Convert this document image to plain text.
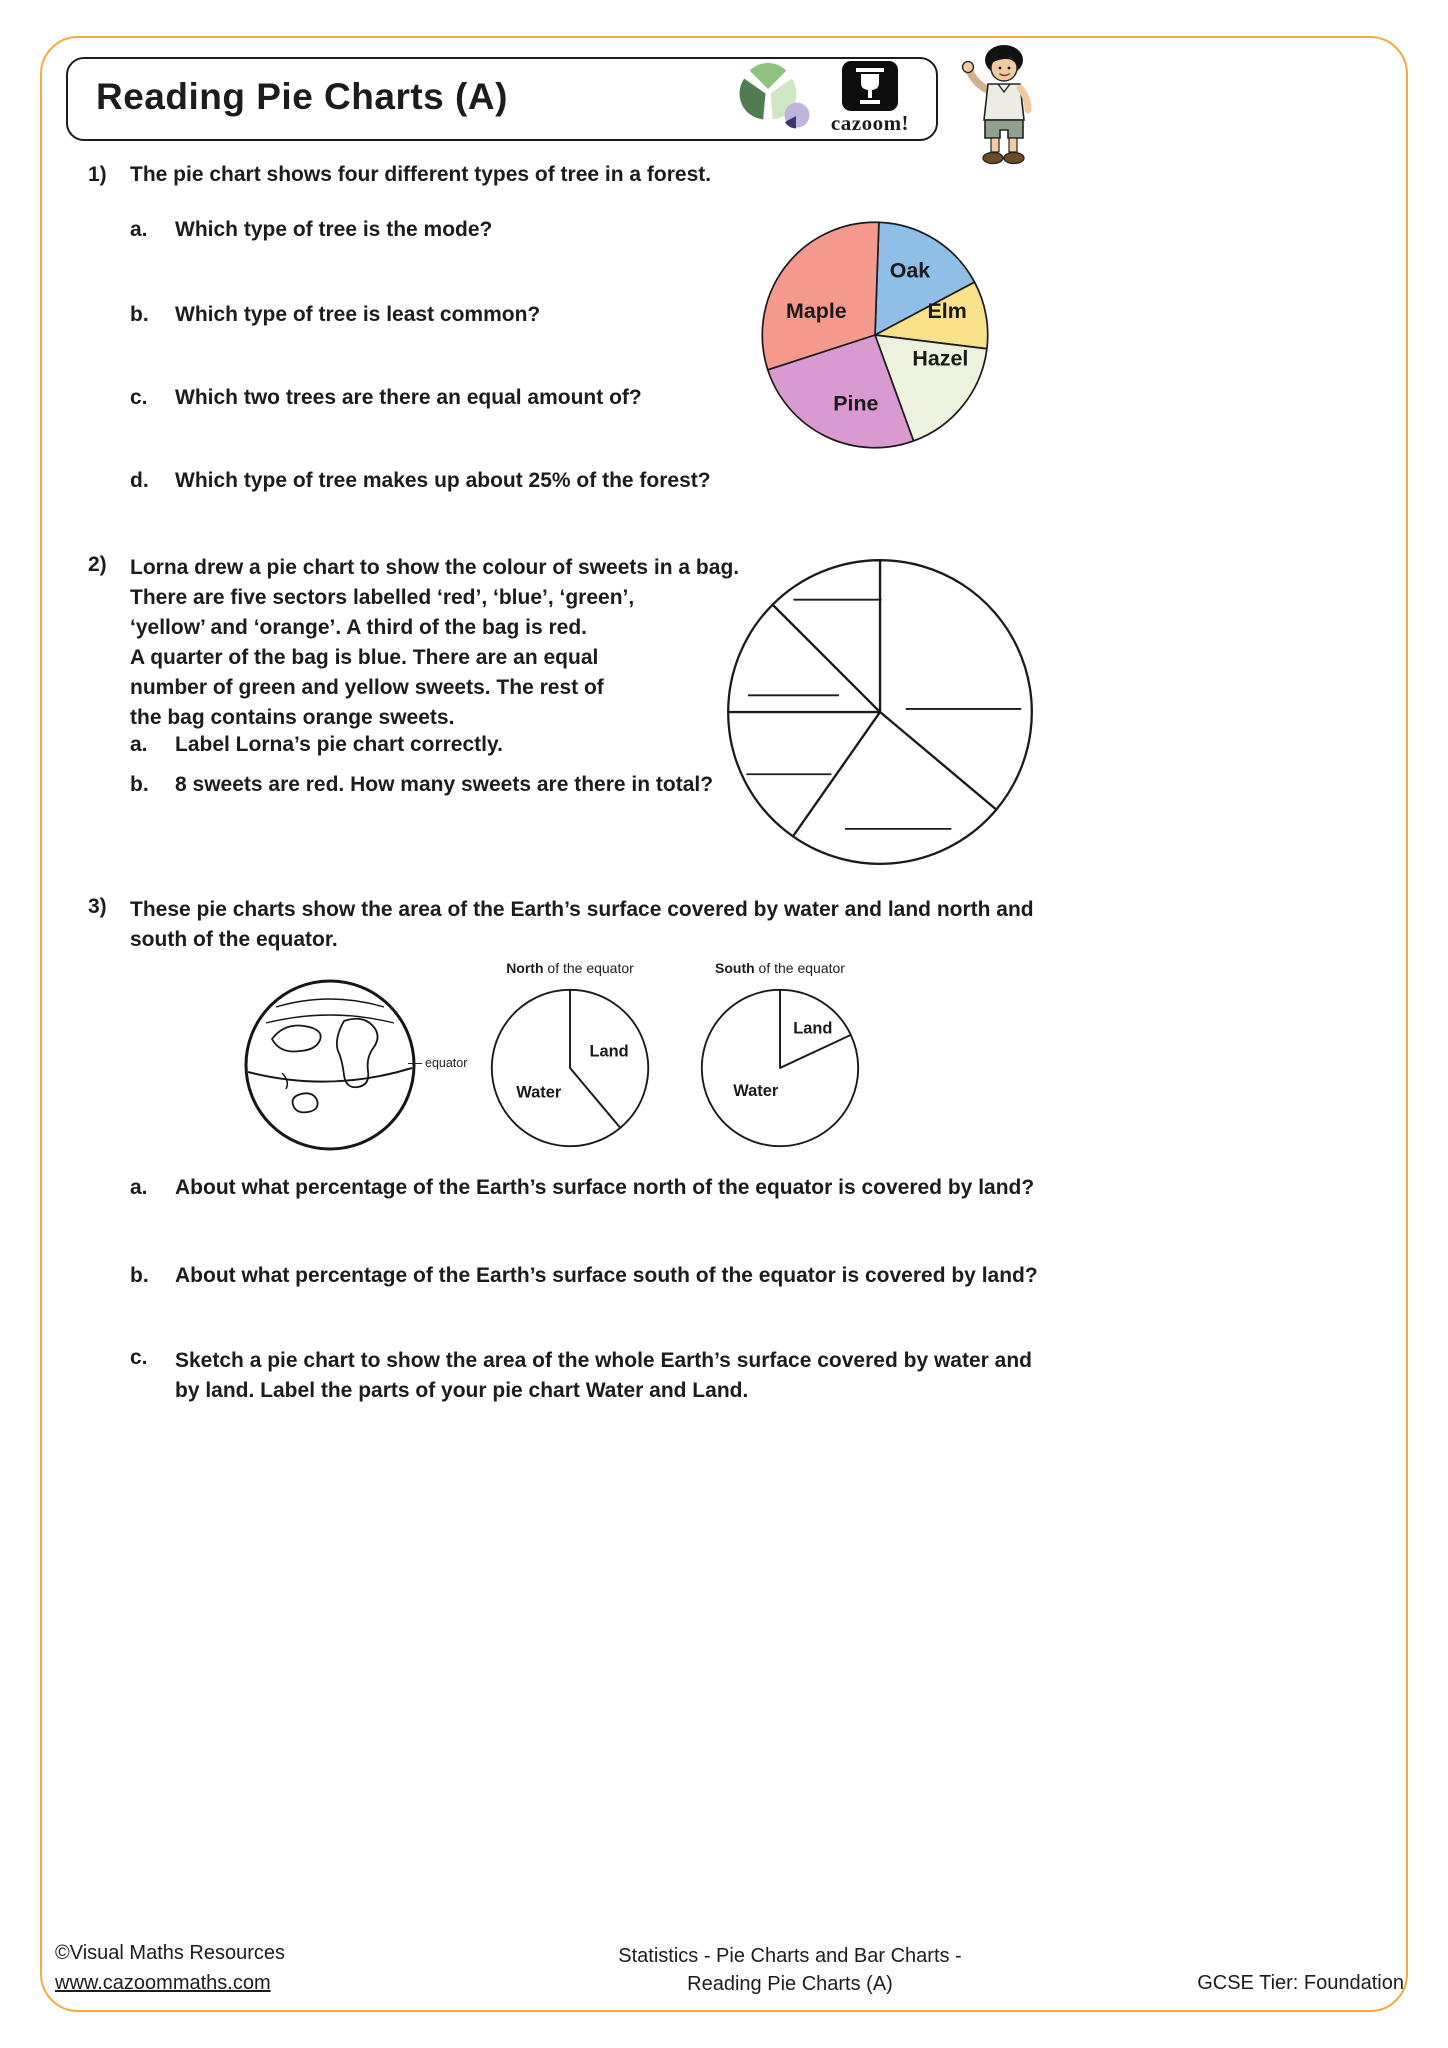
Reading Pie Charts (A)
cazoom!
1) The pie chart shows four different types of tree in a forest.
a.	Which type of tree is the mode?
b.	Which type of tree is least common?
c.	Which two trees are there an equal amount of?
d.	Which type of tree makes up about 25% of the forest?
Oak
Elm
Hazel
Pine
Maple
2) Lorna drew a pie chart to show the colour of sweets in a bag.
There are five sectors labelled ‘red’, ‘blue’, ‘green’,
‘yellow’ and ‘orange’. A third of the bag is red.
A quarter of the bag is blue. There are an equal
number of green and yellow sweets. The rest of
the bag contains orange sweets.
a.	Label Lorna’s pie chart correctly.
b.	8 sweets are red. How many sweets are there in total?
3) These pie charts show the area of the Earth’s surface covered by water and land north and
south of the equator.
equator
North of the equator
Land
Water
South of the equator
Land
Water
a.	About what percentage of the Earth’s surface north of the equator is covered by land?
b.	About what percentage of the Earth’s surface south of the equator is covered by land?
c.	Sketch a pie chart to show the area of the whole Earth’s surface covered by water and
by land. Label the parts of your pie chart Water and Land.
©Visual Maths Resources
www.cazoommaths.com
Statistics - Pie Charts and Bar Charts -
Reading Pie Charts (A)	GCSE Tier: Foundation
